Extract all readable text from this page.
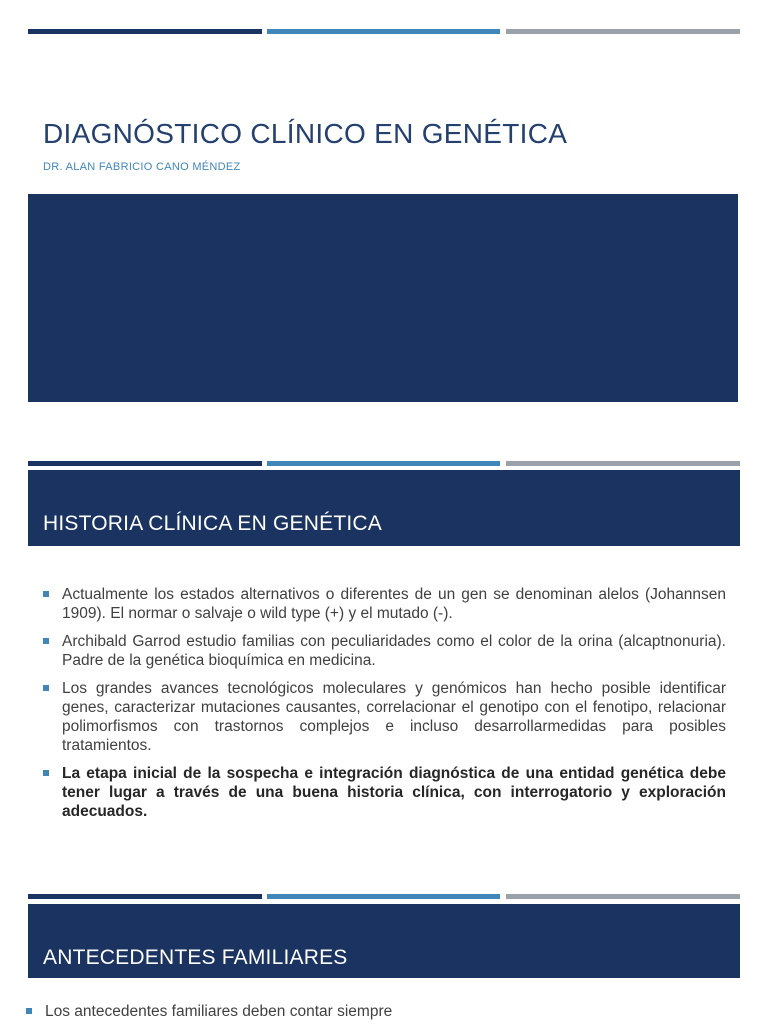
DIAGNÓSTICO CLÍNICO EN GENÉTICA

DR. ALAN FABRICIO CANO MÉNDEZ

HISTORIA CLÍNICA EN GENÉTICA
Actualmente los estados alternativos o diferentes de un gen se denominan alelos (Johannsen 1909). El normar o salvaje o wild type (+) y el mutado (-).
Archibald Garrod estudio familias con peculiaridades como el color de la orina (alcaptnonuria). Padre de la genética bioquímica en medicina.
Los grandes avances tecnológicos moleculares y genómicos han hecho posible identificar genes, caracterizar mutaciones causantes, correlacionar el genotipo con el fenotipo, relacionar polimorfismos con trastornos complejos e incluso desarrollarmedidas para posibles tratamientos.
La etapa inicial de la sospecha e integración diagnóstica de una entidad genética debe tener lugar a través de una buena historia clínica, con interrogatorio y exploración adecuados.
ANTECEDENTES FAMILIARES
Los antecedentes familiares deben contar siempre
